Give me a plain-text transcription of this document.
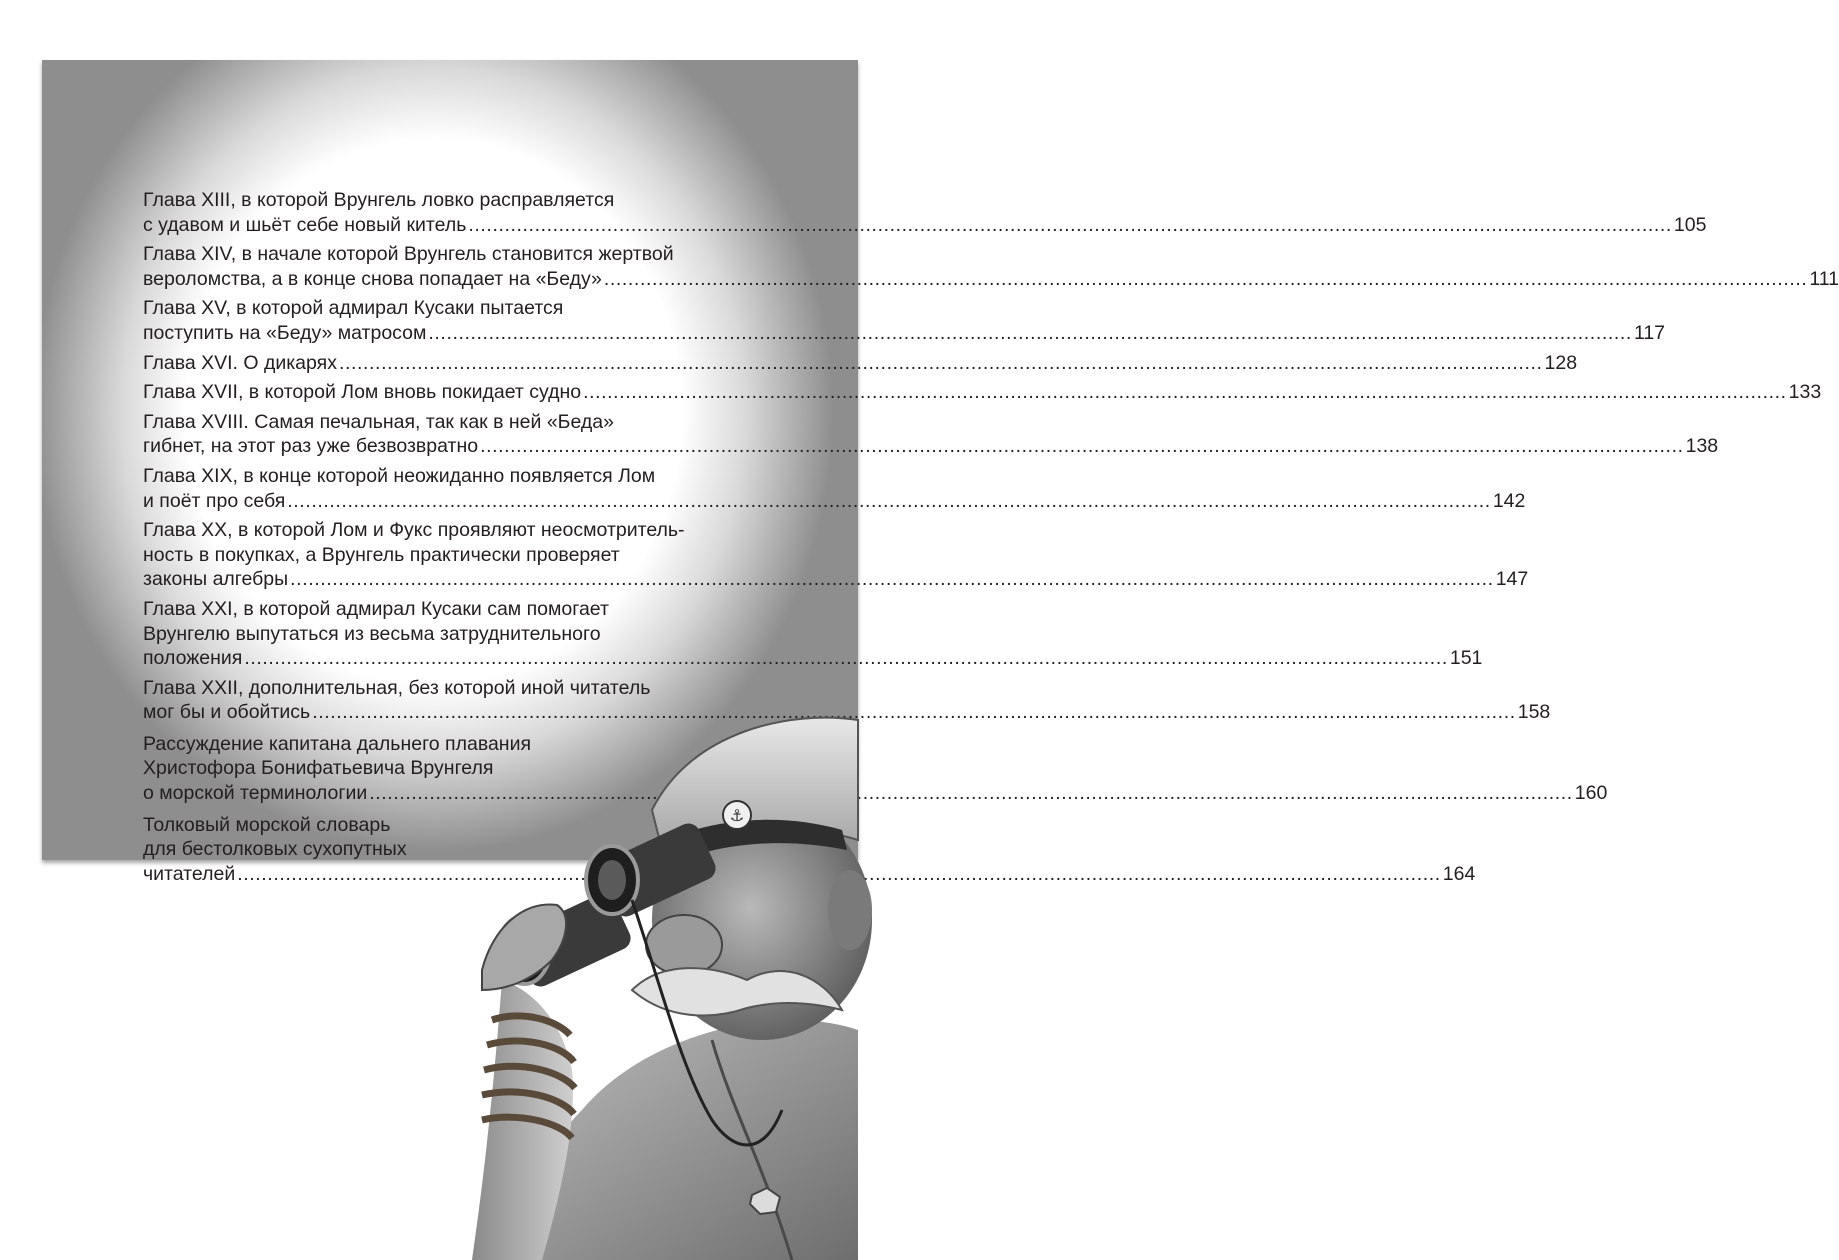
Глава XIII, в которой Врунгель ловко расправляется
с удавом и шьёт себе новый китель .....	105
Глава XIV, в начале которой Врунгель становится жертвой
вероломства, а в конце снова попадает на «Беду» .....	111
Глава XV, в которой адмирал Кусаки пытается
поступить на «Беду» матросом .....	117
Глава XVI. О дикарях .....	128
Глава XVII, в которой Лом вновь покидает судно .....	133
Глава XVIII. Самая печальная, так как в ней «Беда»
гибнет, на этот раз уже безвозвратно .....	138
Глава XIX, в конце которой неожиданно появляется Лом
и поёт про себя .....	142
Глава XX, в которой Лом и Фукс проявляют неосмотритель-
ность в покупках, а Врунгель практически проверяет
законы алгебры .....	147
Глава XXI, в которой адмирал Кусаки сам помогает
Врунгелю выпутаться из весьма затруднительного
положения .....	151
Глава XXII, дополнительная, без которой иной читатель
мог бы и обойтись .....	158
Рассуждение капитана дальнего плавания
Христофора Бонифатьевича Врунгеля
о морской терминологии .....	160
Толковый морской словарь
для бестолковых сухопутных
читателей .....	164
⚓
